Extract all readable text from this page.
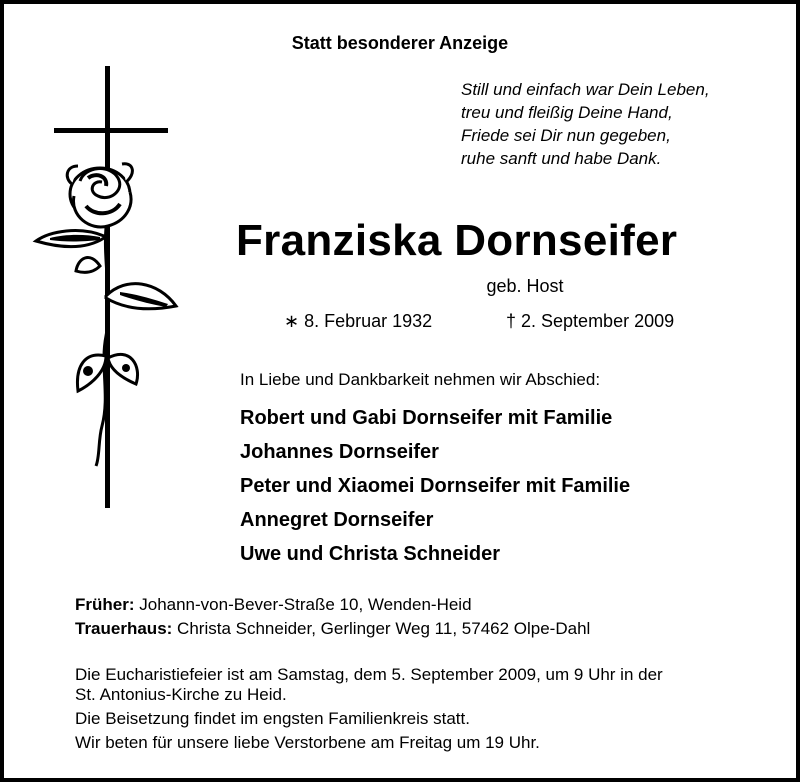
Statt besonderer Anzeige
Still und einfach war Dein Leben,
treu und fleißig Deine Hand,
Friede sei Dir nun gegeben,
ruhe sanft und habe Dank.
Franziska Dornseifer
geb. Host
∗ 8. Februar 1932	† 2. September 2009
In Liebe und Dankbarkeit nehmen wir Abschied:
Robert und Gabi Dornseifer mit Familie
Johannes Dornseifer
Peter und Xiaomei Dornseifer mit Familie
Annegret Dornseifer
Uwe und Christa Schneider
Früher: Johann-von-Bever-Straße 10, Wenden-Heid
Trauerhaus: Christa Schneider, Gerlinger Weg 11, 57462 Olpe-Dahl
Die Eucharistiefeier ist am Samstag, dem 5. September 2009, um 9 Uhr in der
St. Antonius-Kirche zu Heid.
Die Beisetzung findet im engsten Familienkreis statt.
Wir beten für unsere liebe Verstorbene am Freitag um 19 Uhr.
